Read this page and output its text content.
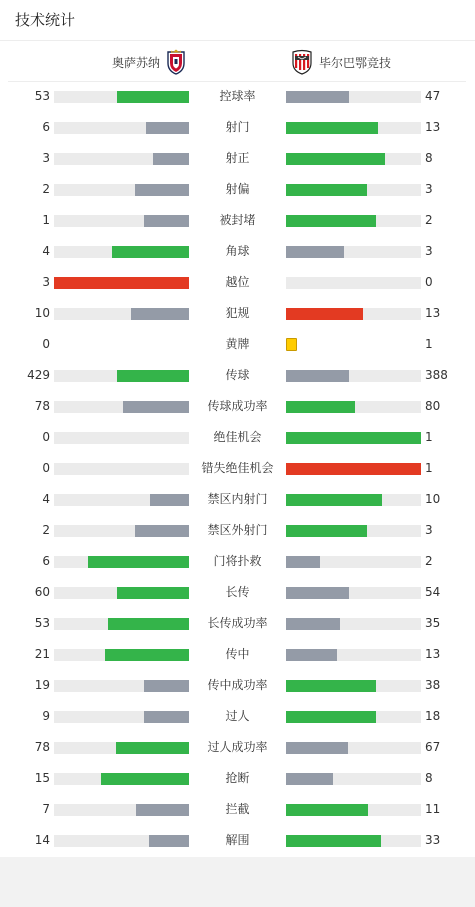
技术统计
奥萨苏纳	毕尔巴鄂竞技
53	控球率	47
6	射门	13
3	射正	8
2	射偏	3
1	被封堵	2
4	角球	3
3	越位	0
10	犯规	13
0	黄牌	1
429	传球	388
78	传球成功率	80
0	绝佳机会	1
0	错失绝佳机会	1
4	禁区内射门	10
2	禁区外射门	3
6	门将扑救	2
60	长传	54
53	长传成功率	35
21	传中	13
19	传中成功率	38
9	过人	18
78	过人成功率	67
15	抢断	8
7	拦截	11
14	解围	33
